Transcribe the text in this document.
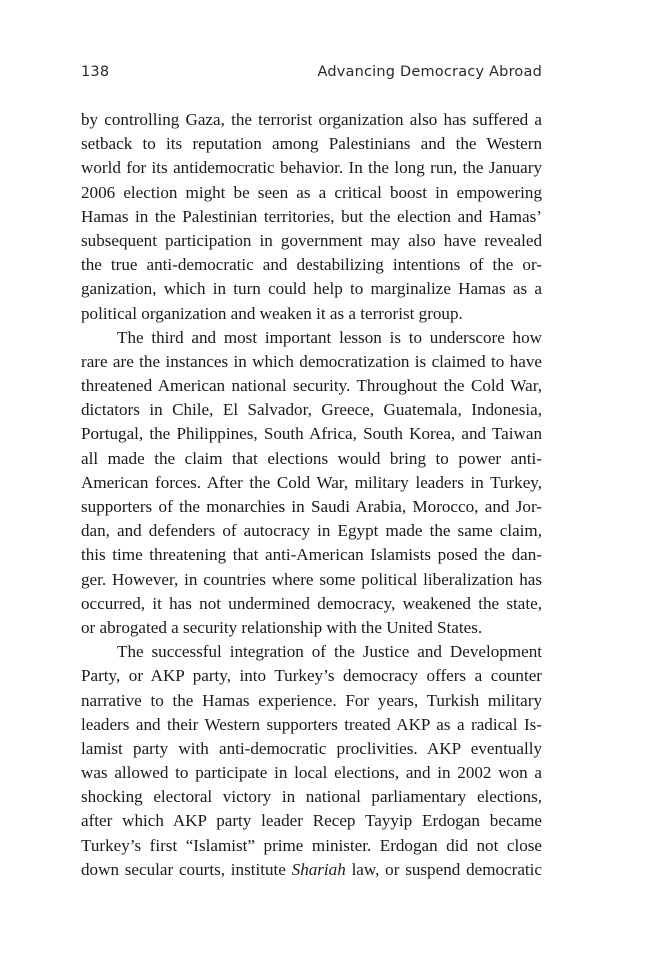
138	Advancing Democracy Abroad

by controlling Gaza, the terrorist organization also has suffered a
setback to its reputation among Palestinians and the Western
world for its antidemocratic behavior. In the long run, the January
2006 election might be seen as a critical boost in empowering
Hamas in the Palestinian territories, but the election and Hamas’
subsequent participation in government may also have revealed
the true anti-democratic and destabilizing intentions of the or-
ganization, which in turn could help to marginalize Hamas as a
political organization and weaken it as a terrorist group.

The third and most important lesson is to underscore how
rare are the instances in which democratization is claimed to have
threatened American national security. Throughout the Cold War,
dictators in Chile, El Salvador, Greece, Guatemala, Indonesia,
Portugal, the Philippines, South Africa, South Korea, and Taiwan
all made the claim that elections would bring to power anti-
American forces. After the Cold War, military leaders in Turkey,
supporters of the monarchies in Saudi Arabia, Morocco, and Jor-
dan, and defenders of autocracy in Egypt made the same claim,
this time threatening that anti-American Islamists posed the dan-
ger. However, in countries where some political liberalization has
occurred, it has not undermined democracy, weakened the state,
or abrogated a security relationship with the United States.

The successful integration of the Justice and Development
Party, or AKP party, into Turkey’s democracy offers a counter
narrative to the Hamas experience. For years, Turkish military
leaders and their Western supporters treated AKP as a radical Is-
lamist party with anti-democratic proclivities. AKP eventually
was allowed to participate in local elections, and in 2002 won a
shocking electoral victory in national parliamentary elections,
after which AKP party leader Recep Tayyip Erdogan became
Turkey’s first “Islamist” prime minister. Erdogan did not close
down secular courts, institute Shariah law, or suspend democratic
